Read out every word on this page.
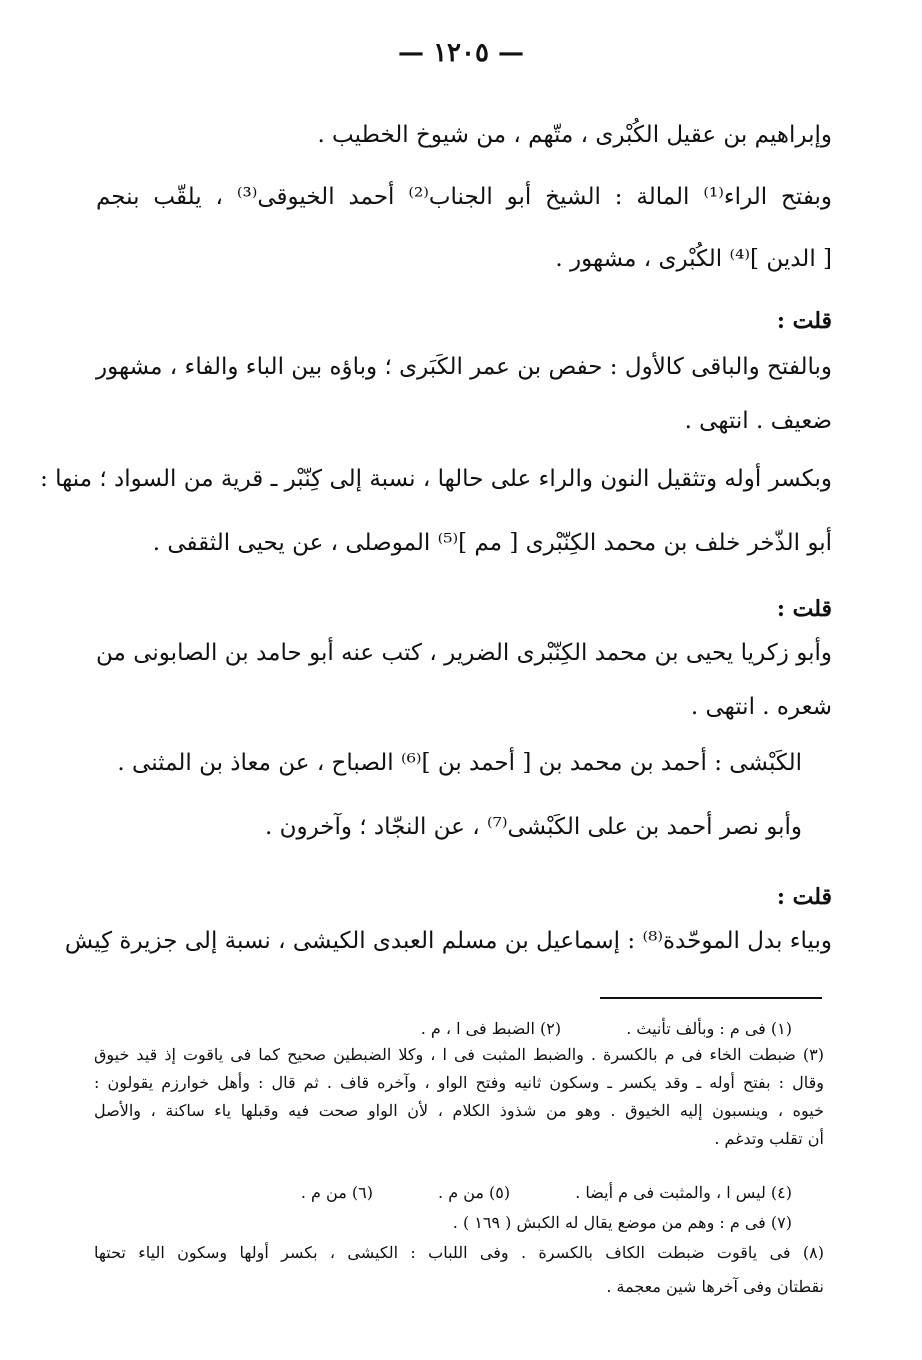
— ١٢٠٥ —
وإبراهيم بن عقيل الكُبْرى ، متّهم ، من شيوخ الخطيب .
وبفتح الراء⁽¹⁾ المالة : الشيخ أبو الجناب⁽²⁾ أحمد الخيوقى⁽³⁾ ، يلقّب بنجم
[ الدين ]⁽⁴⁾ الكُبْرى ، مشهور .
قلت :
وبالفتح والباقى كالأول : حفص بن عمر الكَبَرى ؛ وباؤه بين الباء والفاء ، مشهور
ضعيف . انتهى .
وبكسر أوله وتثقيل النون والراء على حالها ، نسبة إلى كِنّبْر ـ قرية من السواد ؛ منها :
أبو الذّخر خلف بن محمد الكِنّبْرى [ مم ]⁽⁵⁾ الموصلى ، عن يحيى الثقفى .
قلت :
وأبو زكريا يحيى بن محمد الكِنّبْرى الضرير ، كتب عنه أبو حامد بن الصابونى من
شعره . انتهى .
الكَبْشى : أحمد بن محمد بن [ أحمد بن ]⁽⁶⁾ الصباح ، عن معاذ بن المثنى .
وأبو نصر أحمد بن على الكَبْشى⁽⁷⁾ ، عن النجّاد ؛ وآخرون .
قلت :
وبياء بدل الموحّدة⁽⁸⁾ : إسماعيل بن مسلم العبدى الكيشى ، نسبة إلى جزيرة كِيش
(١) فى م : وبألف تأنيث . (٢) الضبط فى ا ، م .
(٣) ضبطت الخاء فى م بالكسرة . والضبط المثبت فى ا ، وكلا الضبطين صحيح كما فى ياقوت إذ قيد خيوق
وقال : بفتح أوله ـ وقد يكسر ـ وسكون ثانيه وفتح الواو ، وآخره قاف . ثم قال : وأهل خوارزم يقولون :
خيوه ، وينسبون إليه الخيوق . وهو من شذوذ الكلام ، لأن الواو صحت فيه وقبلها ياء ساكنة ، والأصل
أن تقلب وتدغم .
(٤) ليس ا ، والمثبت فى م أيضا . (٥) من م . (٦) من م .
(٧) فى م : وهم من موضع يقال له الكبش ( ١٦٩ ) .
(٨) فى ياقوت ضبطت الكاف بالكسرة . وفى اللباب : الكيشى ، بكسر أولها وسكون الياء تحتها
نقطتان وفى آخرها شين معجمة .
